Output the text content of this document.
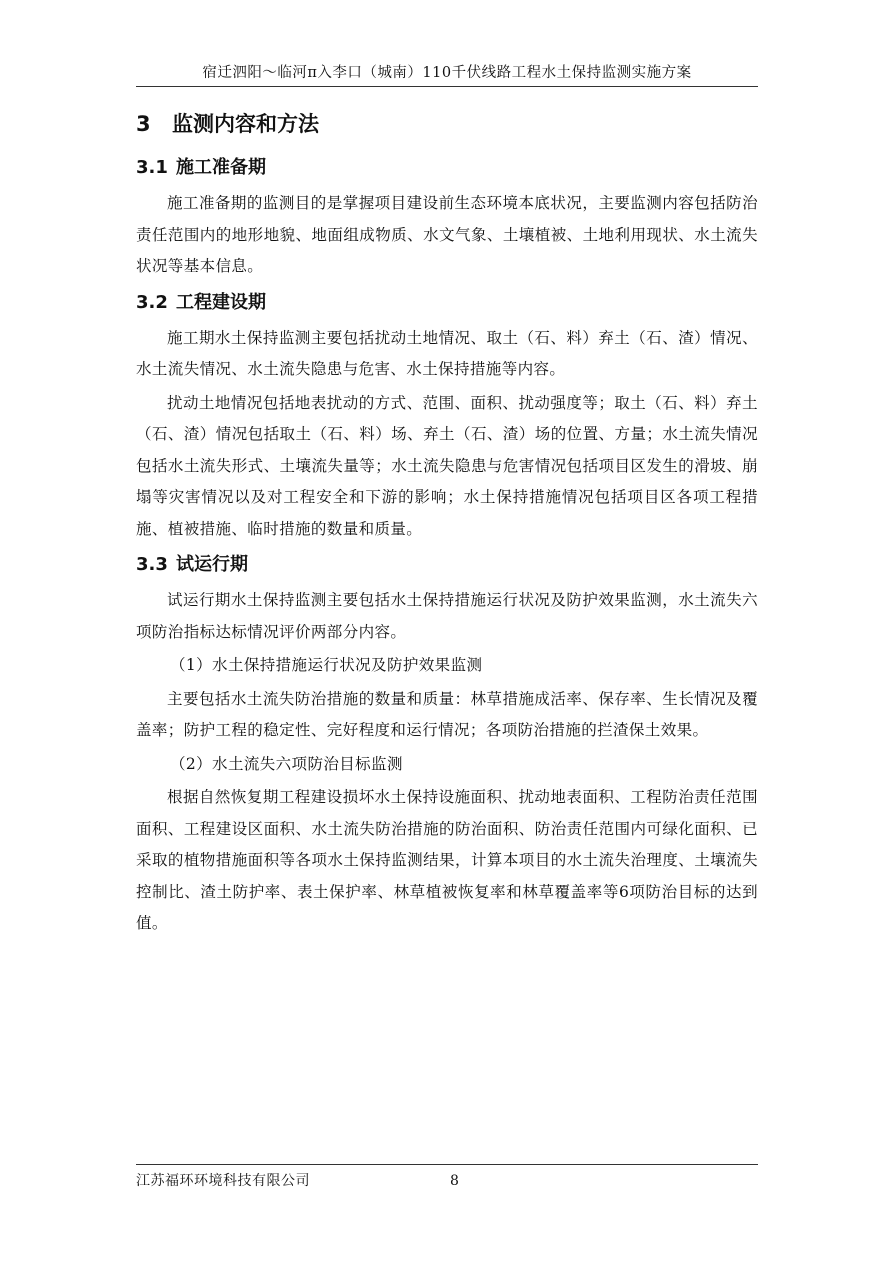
宿迁泗阳～临河π入李口（城南）110千伏线路工程水土保持监测实施方案
3 监测内容和方法
3.1 施工准备期

施工准备期的监测目的是掌握项目建设前生态环境本底状况，主要监测内容包括防治责任范围内的地形地貌、地面组成物质、水文气象、土壤植被、土地利用现状、水土流失状况等基本信息。

3.2 工程建设期

施工期水土保持监测主要包括扰动土地情况、取土（石、料）弃土（石、渣）情况、水土流失情况、水土流失隐患与危害、水土保持措施等内容。

扰动土地情况包括地表扰动的方式、范围、面积、扰动强度等；取土（石、料）弃土（石、渣）情况包括取土（石、料）场、弃土（石、渣）场的位置、方量；水土流失情况包括水土流失形式、土壤流失量等；水土流失隐患与危害情况包括项目区发生的滑坡、崩塌等灾害情况以及对工程安全和下游的影响；水土保持措施情况包括项目区各项工程措施、植被措施、临时措施的数量和质量。

3.3 试运行期

试运行期水土保持监测主要包括水土保持措施运行状况及防护效果监测，水土流失六项防治指标达标情况评价两部分内容。

（1）水土保持措施运行状况及防护效果监测

主要包括水土流失防治措施的数量和质量：林草措施成活率、保存率、生长情况及覆盖率；防护工程的稳定性、完好程度和运行情况；各项防治措施的拦渣保土效果。

（2）水土流失六项防治目标监测

根据自然恢复期工程建设损坏水土保持设施面积、扰动地表面积、工程防治责任范围面积、工程建设区面积、水土流失防治措施的防治面积、防治责任范围内可绿化面积、已采取的植物措施面积等各项水土保持监测结果，计算本项目的水土流失治理度、土壤流失控制比、渣土防护率、表土保护率、林草植被恢复率和林草覆盖率等6项防治目标的达到值。

江苏福环环境科技有限公司	8
